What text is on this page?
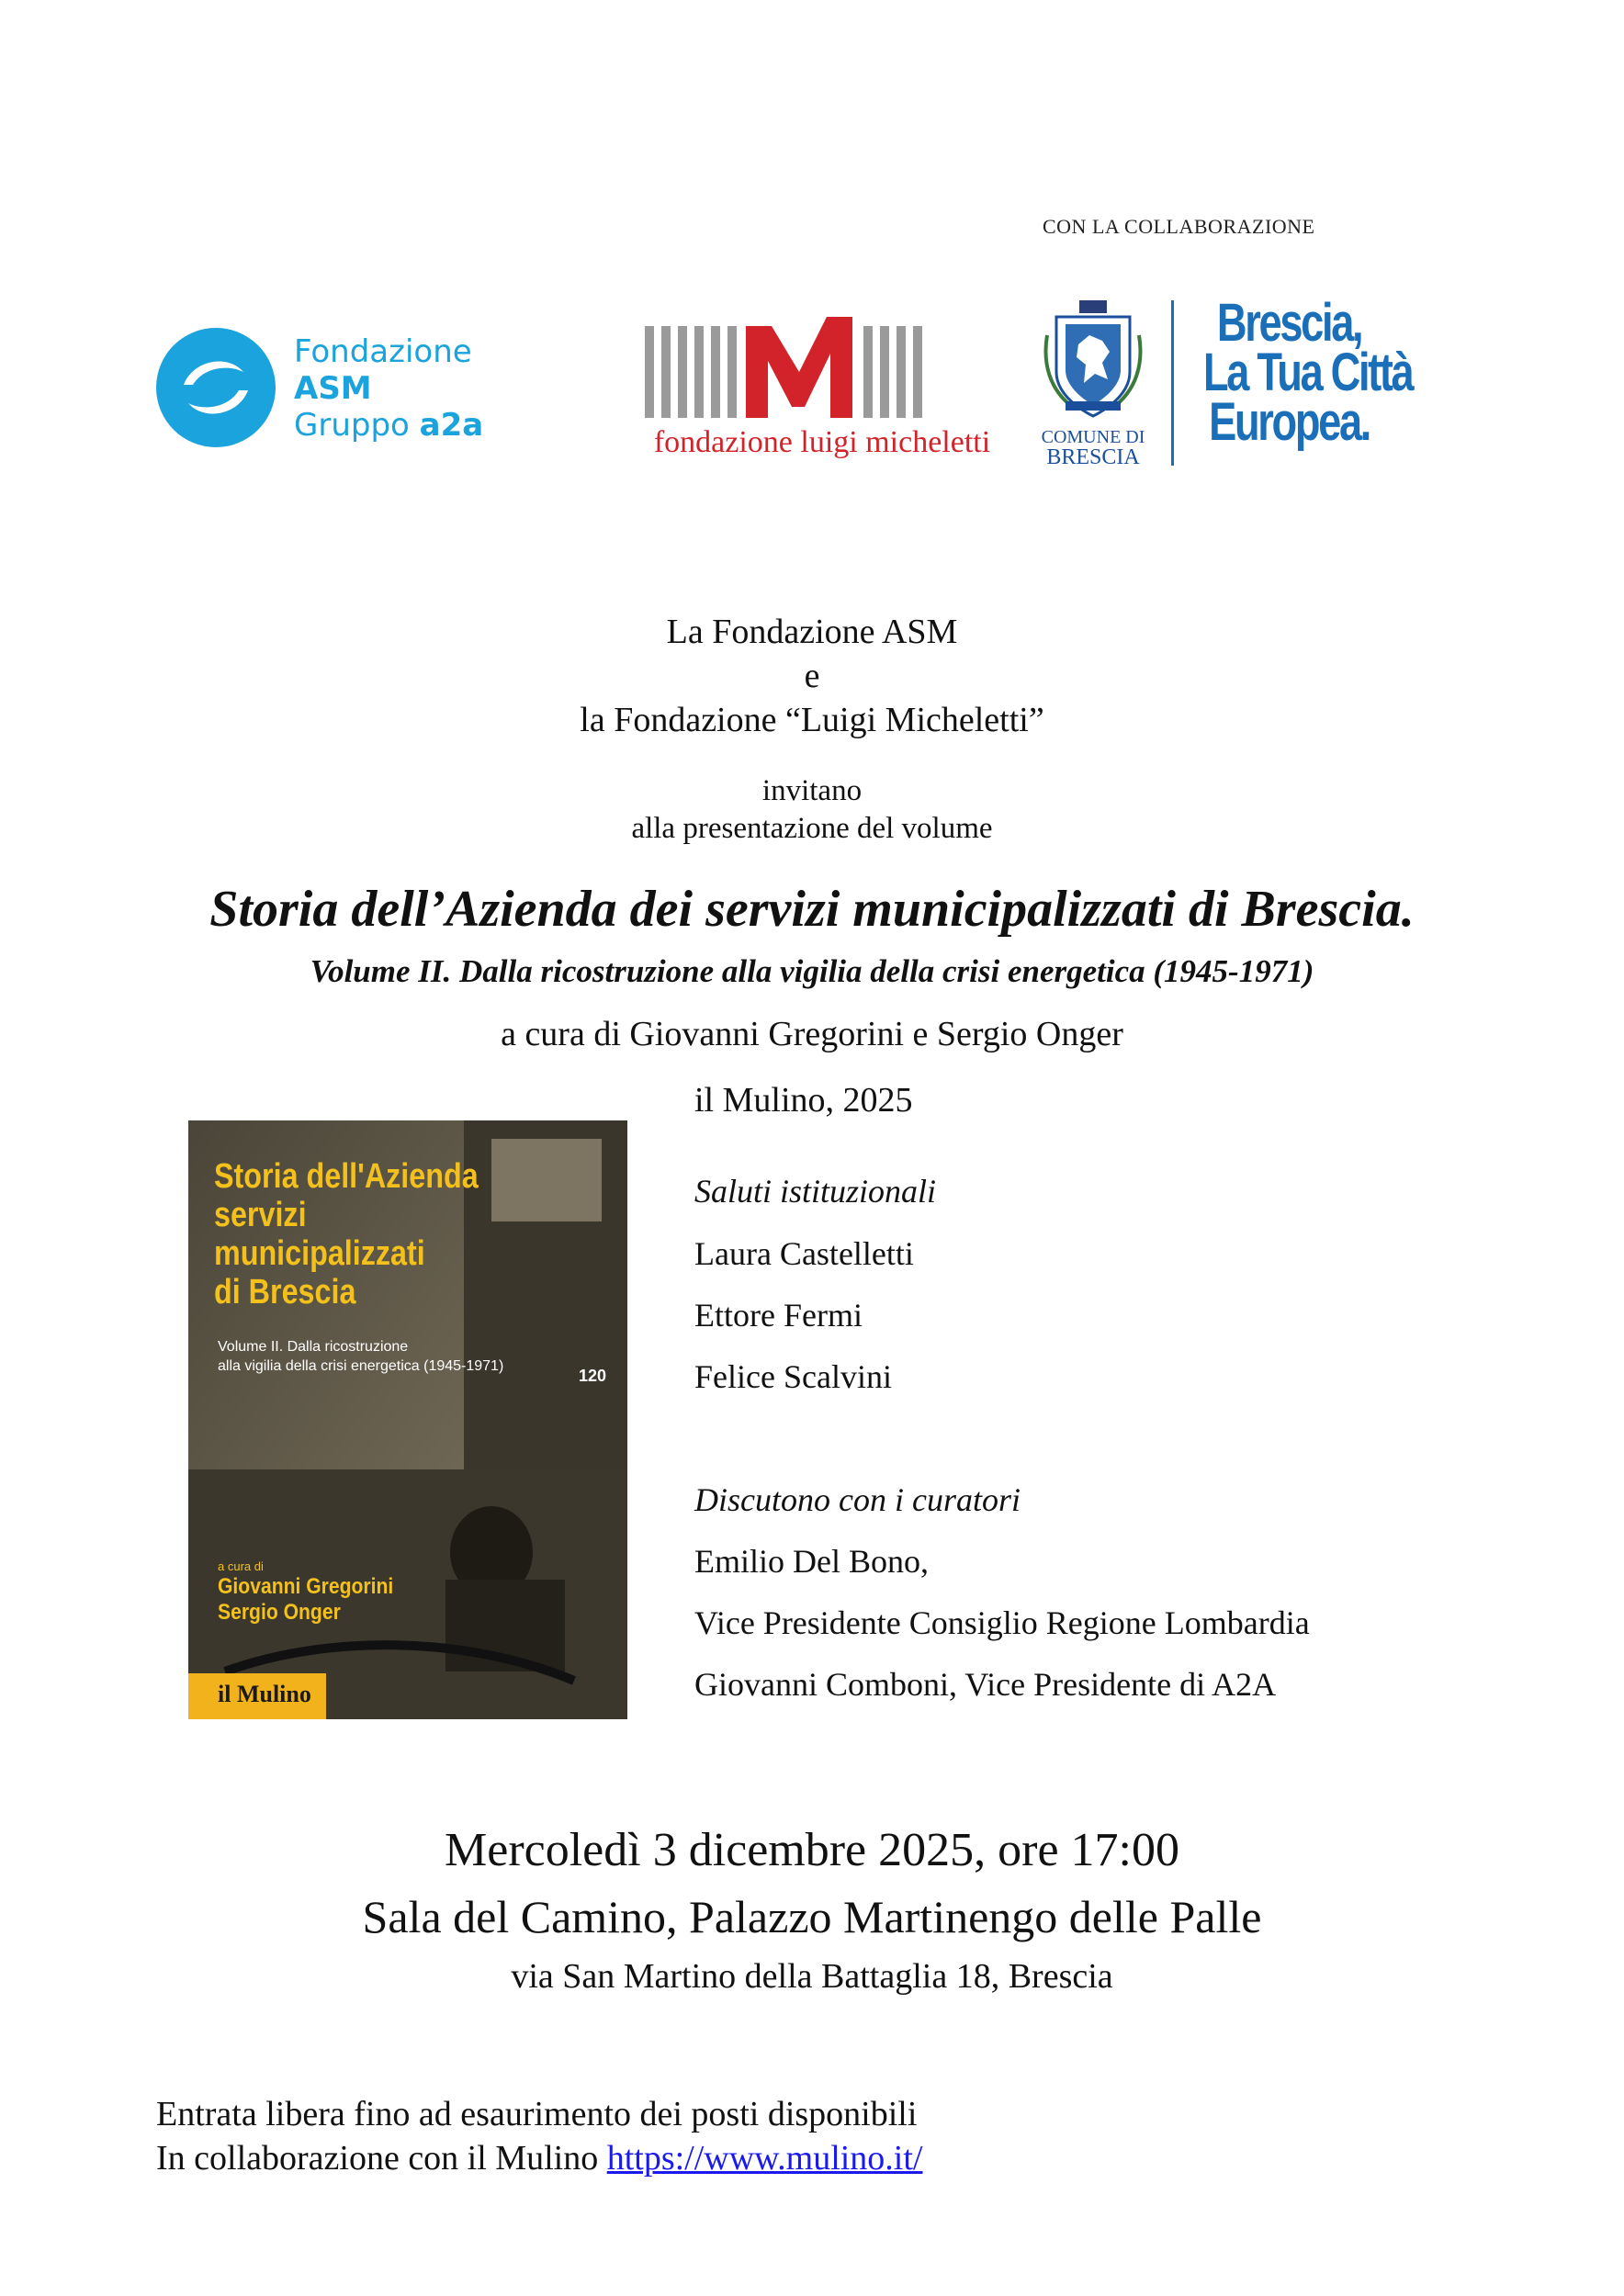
CON LA COLLABORAZIONE
Fondazione
ASM
Gruppo a2a	fondazione luigi micheletti	COMUNE DI
BRESCIA
Brescia,
La Tua Città
Europea.
La Fondazione ASM
e
la Fondazione “Luigi Micheletti”
invitano
alla presentazione del volume
Storia dell’Azienda dei servizi municipalizzati di Brescia.
Volume II. Dalla ricostruzione alla vigilia della crisi energetica (1945-1971)
a cura di Giovanni Gregorini e Sergio Onger
il Mulino, 2025
Storia dell'Azienda
servizi
municipalizzati
di Brescia
Volume II. Dalla ricostruzione
alla vigilia della crisi energetica (1945-1971)
120
a cura di
Giovanni Gregorini
Sergio Onger
il Mulino
Saluti istituzionali
Laura Castelletti
Ettore Fermi
Felice Scalvini
Discutono con i curatori
Emilio Del Bono,
Vice Presidente Consiglio Regione Lombardia
Giovanni Comboni, Vice Presidente di A2A
Mercoledì 3 dicembre 2025, ore 17:00
Sala del Camino, Palazzo Martinengo delle Palle
via San Martino della Battaglia 18, Brescia
Entrata libera fino ad esaurimento dei posti disponibili
In collaborazione con il Mulino https://www.mulino.it/
